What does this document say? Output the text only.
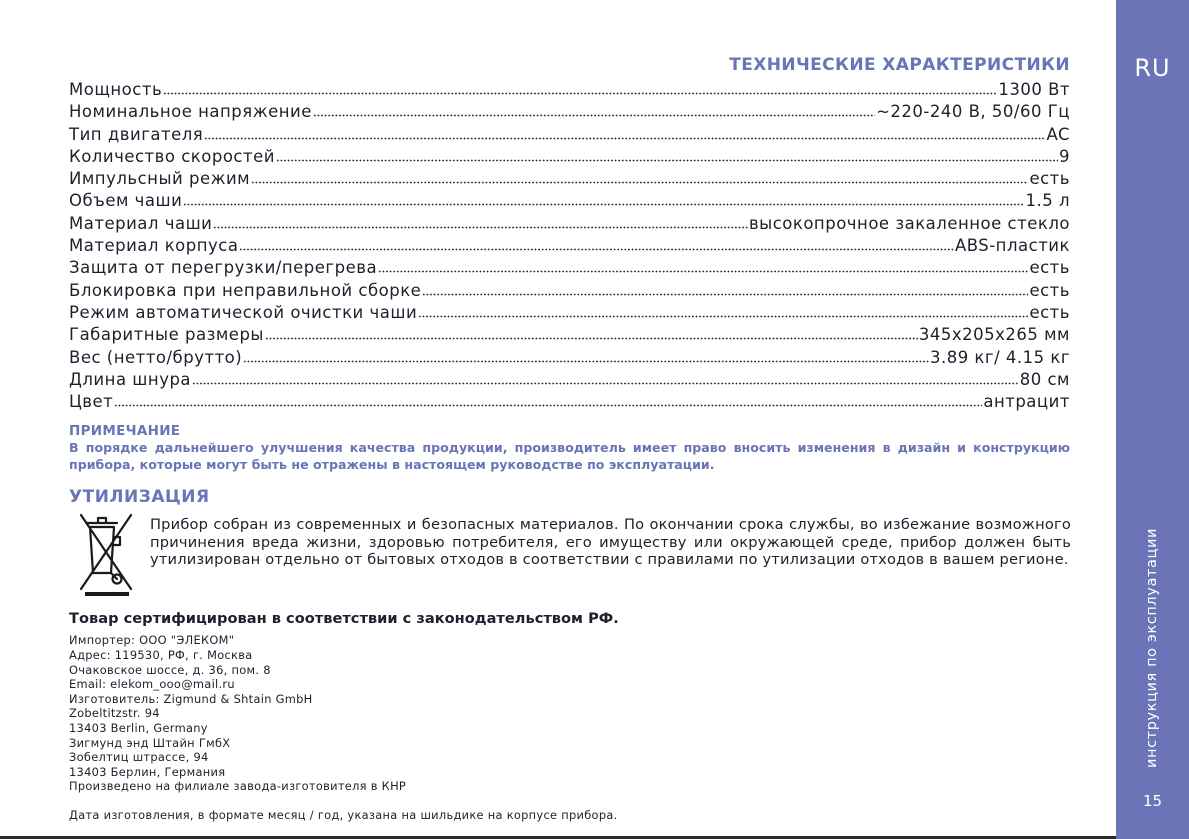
RU
инструкция по эксплуатации
15
ТЕХНИЧЕСКИЕ ХАРАКТЕРИСТИКИ
Мощность	1300 Вт
Номинальное напряжение	~220-240 В, 50/60 Гц
Тип двигателя	AC
Количество скоростей	9
Импульсный режим	есть
Объем чаши	1.5 л
Материал чаши	высокопрочное закаленное стекло
Материал корпуса	ABS-пластик
Защита от перегрузки/перегрева	есть
Блокировка при неправильной сборке	есть
Режим автоматической очистки чаши	есть
Габаритные размеры	345x205x265 мм
Вес (нетто/брутто)	3.89 кг/ 4.15 кг
Длина шнура	80 см
Цвет	антрацит
ПРИМЕЧАНИЕ
В порядке дальнейшего улучшения качества продукции, производитель имеет право вносить изменения в дизайн и конструкцию прибора, которые могут быть не отражены в настоящем руководстве по эксплуатации.
УТИЛИЗАЦИЯ
Прибор собран из современных и безопасных материалов. По окончании срока службы, во избежание возможного причинения вреда жизни, здоровью потребителя, его имуществу или окружающей среде, прибор должен быть утилизирован отдельно от бытовых отходов в соответствии с правилами по утилизации отходов в вашем регионе.
Товар сертифицирован в соответствии с законодательством РФ.
Импортер: ООО "ЭЛЕКОМ"
Адрес: 119530, РФ, г. Москва
Очаковское шоссе, д. 36, пом. 8
Email: elekom_ooo@mail.ru
Изготовитель: Zigmund & Shtain GmbH
Zobeltitzstr. 94
13403 Berlin, Germany
Зигмунд энд Штайн ГмбХ
Зобелтиц штрассе, 94
13403 Берлин, Германия
Произведено на филиале завода-изготовителя в КНР
Дата изготовления, в формате месяц / год, указана на шильдике на корпусе прибора.
